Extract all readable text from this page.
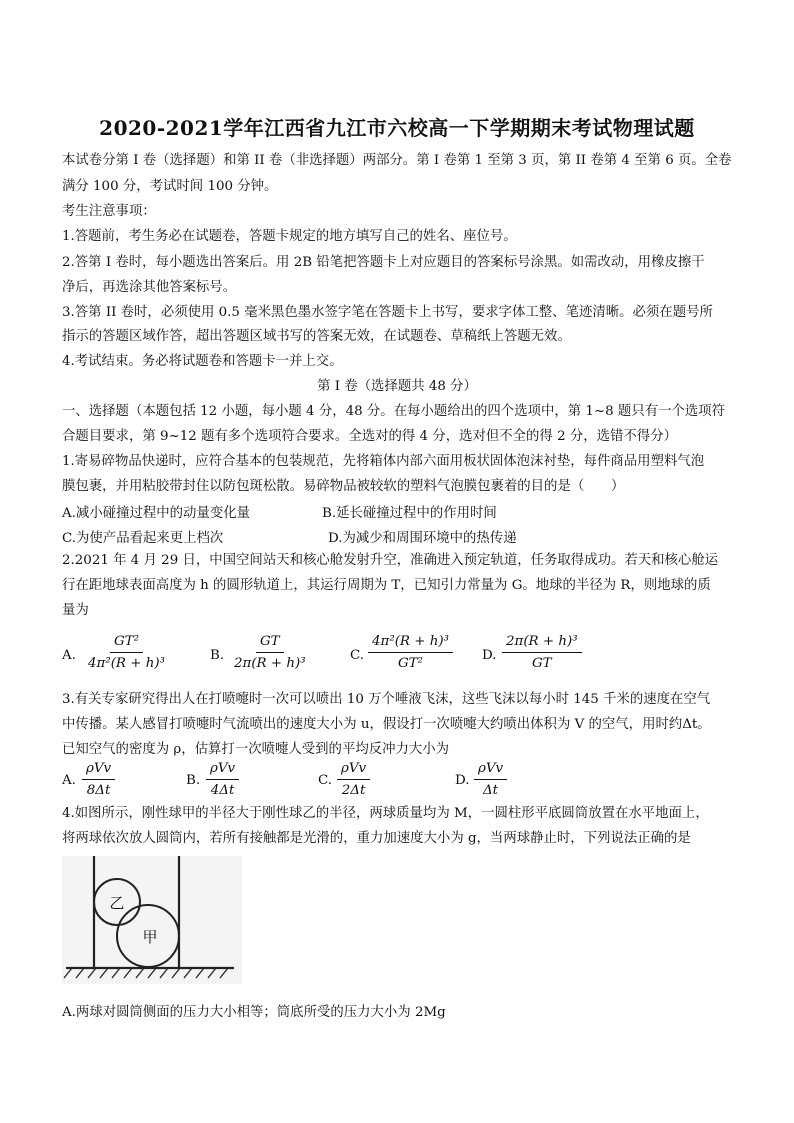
2020-2021学年江西省九江市六校高一下学期期末考试物理试题
本试卷分第 I 卷（选择题）和第 II 卷（非选择题）两部分。第 I 卷第 1 至第 3 页，第 II 卷第 4 至第 6 页。全卷
满分 100 分，考试时间 100 分钟。
考生注意事项：
1.答题前，考生务必在试题卷，答题卡规定的地方填写自己的姓名、座位号。
2.答第 I 卷时，每小题选出答案后。用 2B 铅笔把答题卡上对应题目的答案标号涂黑。如需改动，用橡皮擦干
净后，再选涂其他答案标号。
3.答第 II 卷时，必须使用 0.5 毫米黑色墨水签字笔在答题卡上书写，要求字体工整、笔迹清晰。必须在题号所
指示的答题区域作答，超出答题区域书写的答案无效，在试题卷、草稿纸上答题无效。
4.考试结束。务必将试题卷和答题卡一并上交。
第 I 卷（选择题共 48 分）
一、选择题（本题包括 12 小题，每小题 4 分，48 分。在每小题给出的四个选项中，第 1~8 题只有一个选项符
合题目要求，第 9~12 题有多个选项符合要求。全选对的得 4 分，选对但不全的得 2 分，选错不得分）
1.寄易碎物品快递时，应符合基本的包装规范，先将箱体内部六面用板状固体泡沫衬垫，每件商品用塑料气泡
膜包裹，并用粘胶带封住以防包斑松散。易碎物品被较软的塑料气泡膜包裹着的目的是（　　）
A.减小碰撞过程中的动量变化量	B.延长碰撞过程中的作用时间
C.为使产品看起来更上档次	D.为减少和周围环境中的热传递
2.2021 年 4 月 29 日，中国空间站天和核心舱发射升空，准确进入预定轨道，任务取得成功。若天和核心舱运
行在距地球表面高度为 h 的圆形轨道上，其运行周期为 T，已知引力常量为 G。地球的半径为 R，则地球的质
量为
A. $\frac{\text{GT²}}{\text{4π²(R + h)³}}$	B. $\frac{GT}{\text{2π(R + h)³}}$	C. $\frac{\text{4π²(R + h)³}}{\text{GT²}} D$. $\frac{\text{2π(R + h)³}}{GT}$
3.有关专家研究得出人在打喷嚏时一次可以喷出 10 万个唾液飞沫，这些飞沫以每小时 145 千米的速度在空气
中传播。某人感冒打喷嚏时气流喷出的速度大小为 u，假设打一次喷嚏大约喷出体积为 V 的空气，用时约Δt。
已知空气的密度为 ρ，估算打一次喷嚏人受到的平均反冲力大小为
A.
ρVv
8Δt
B.
ρVv
4Δt
C.
ρVv
2Δt
D.
ρVv
Δt
4.如图所示，刚性球甲的半径大于刚性球乙的半径，两球质量均为 M，一圆柱形平底圆筒放置在水平地面上，
将两球依次放人圆筒内，若所有接触都是光滑的，重力加速度大小为 g，当两球静止时，下列说法正确的是
乙
甲
A.两球对圆筒侧面的压力大小相等；筒底所受的压力大小为 2Mg
